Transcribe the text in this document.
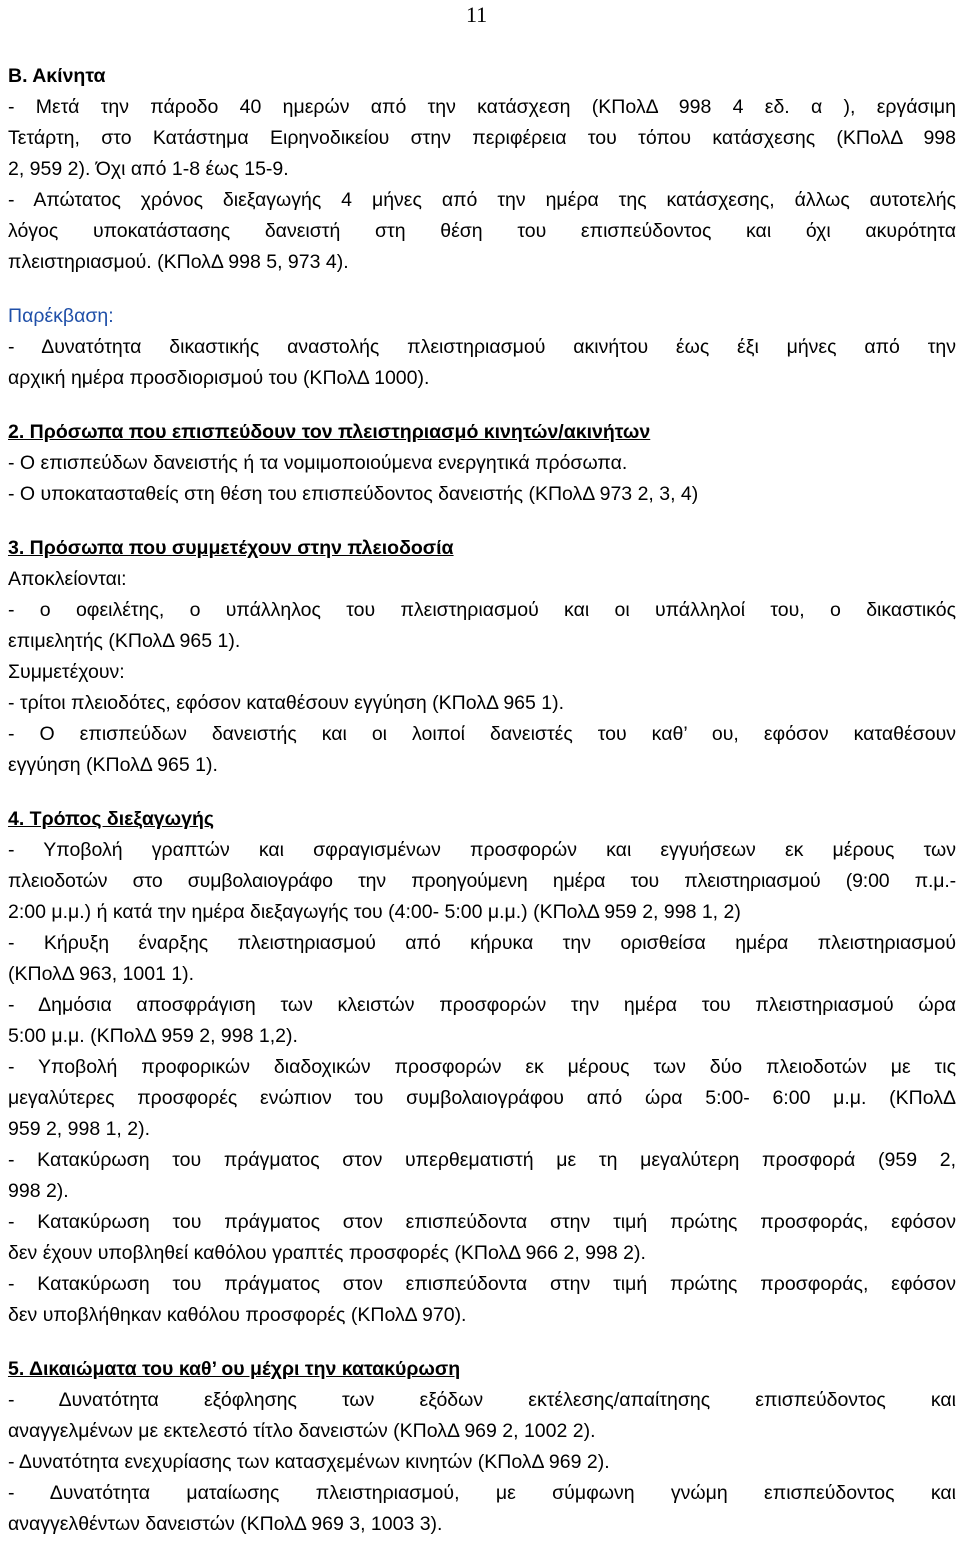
11

Β. Ακίνητα

- Μετά την πάροδο 40 ημερών από την κατάσχεση (ΚΠολΔ 998 4 εδ. α ), εργάσιμη

Τετάρτη, στο Κατάστημα Ειρηνοδικείου στην περιφέρεια του τόπου κατάσχεσης (ΚΠολΔ 998

2, 959 2). Όχι από 1-8 έως 15-9.

- Απώτατος χρόνος διεξαγωγής 4 μήνες από την ημέρα της κατάσχεσης, άλλως αυτοτελής

λόγος υποκατάστασης δανειστή στη θέση του επισπεύδοντος και όχι ακυρότητα

πλειστηριασμού. (ΚΠολΔ 998 5, 973 4).

Παρέκβαση:

- Δυνατότητα δικαστικής αναστολής πλειστηριασμού ακινήτου έως έξι μήνες από την

αρχική ημέρα προσδιορισμού του (ΚΠολΔ 1000).

2. Πρόσωπα που επισπεύδουν τον πλειστηριασμό κινητών/ακινήτων

- Ο επισπεύδων δανειστής ή τα νομιμοποιούμενα ενεργητικά πρόσωπα.

- Ο υποκατασταθείς στη θέση του επισπεύδοντος δανειστής (ΚΠολΔ 973 2, 3, 4)

3. Πρόσωπα που συμμετέχουν στην πλειοδοσία

Αποκλείονται:

- ο οφειλέτης, ο υπάλληλος του πλειστηριασμού και οι υπάλληλοί του, ο δικαστικός

επιμελητής (ΚΠολΔ 965 1).

Συμμετέχουν:

- τρίτοι πλειοδότες, εφόσον καταθέσουν εγγύηση (ΚΠολΔ 965 1).

- Ο επισπεύδων δανειστής και οι λοιποί δανειστές του καθ’ ου, εφόσον καταθέσουν

εγγύηση (ΚΠολΔ 965 1).

4. Τρόπος διεξαγωγής

- Υποβολή γραπτών και σφραγισμένων προσφορών και εγγυήσεων εκ μέρους των

πλειοδοτών στο συμβολαιογράφο την προηγούμενη ημέρα του πλειστηριασμού (9:00 π.μ.-

2:00 μ.μ.) ή κατά την ημέρα διεξαγωγής του (4:00- 5:00 μ.μ.) (ΚΠολΔ 959 2, 998 1, 2)

- Κήρυξη έναρξης πλειστηριασμού από κήρυκα την ορισθείσα ημέρα πλειστηριασμού

(ΚΠολΔ 963, 1001 1).

- Δημόσια αποσφράγιση των κλειστών προσφορών την ημέρα του πλειστηριασμού ώρα

5:00 μ.μ. (ΚΠολΔ 959 2, 998 1,2).

- Υποβολή προφορικών διαδοχικών προσφορών εκ μέρους των δύο πλειοδοτών με τις

μεγαλύτερες προσφορές ενώπιον του συμβολαιογράφου από ώρα 5:00- 6:00 μ.μ. (ΚΠολΔ

959 2, 998 1, 2).

- Κατακύρωση του πράγματος στον υπερθεματιστή με τη μεγαλύτερη προσφορά (959 2,

998 2).

- Κατακύρωση του πράγματος στον επισπεύδοντα στην τιμή πρώτης προσφοράς, εφόσον

δεν έχουν υποβληθεί καθόλου γραπτές προσφορές (ΚΠολΔ 966 2, 998 2).

- Κατακύρωση του πράγματος στον επισπεύδοντα στην τιμή πρώτης προσφοράς, εφόσον

δεν υποβλήθηκαν καθόλου προσφορές (ΚΠολΔ 970).

5. Δικαιώματα του καθ’ ου μέχρι την κατακύρωση

- Δυνατότητα εξόφλησης των εξόδων εκτέλεσης/απαίτησης επισπεύδοντος και

αναγγελμένων με εκτελεστό τίτλο δανειστών (ΚΠολΔ 969 2, 1002 2).

- Δυνατότητα ενεχυρίασης των κατασχεμένων κινητών (ΚΠολΔ 969 2).

- Δυνατότητα ματαίωσης πλειστηριασμού, με σύμφωνη γνώμη επισπεύδοντος και

αναγγελθέντων δανειστών (ΚΠολΔ 969 3, 1003 3).
